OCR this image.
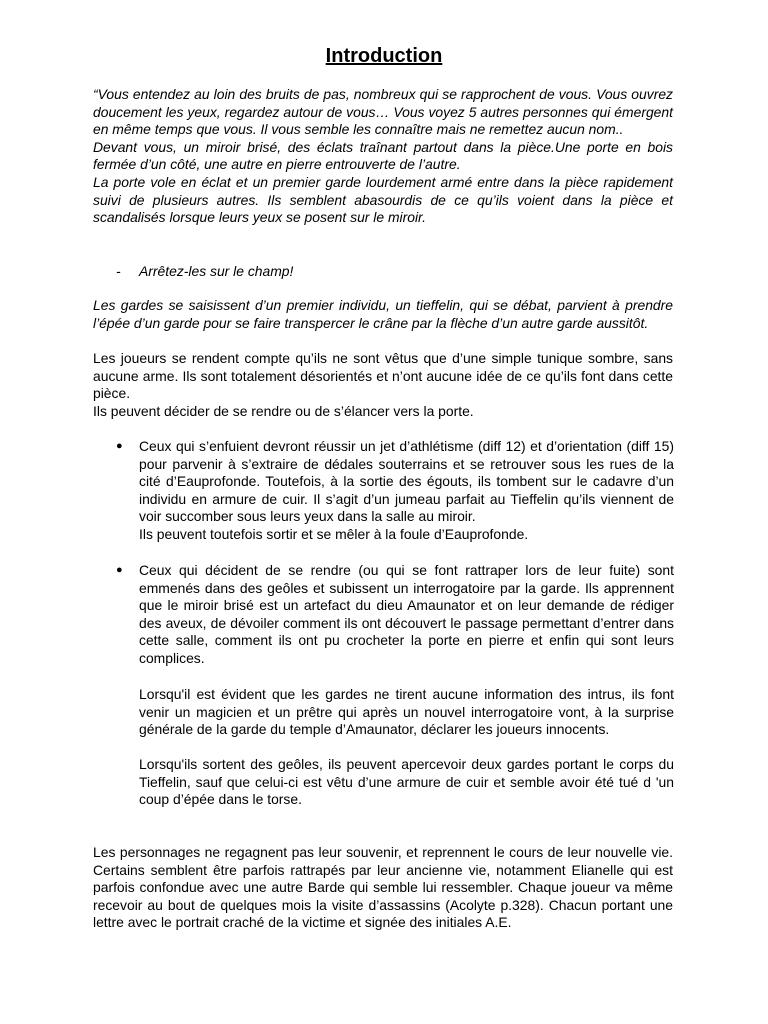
Introduction

“Vous entendez au loin des bruits de pas, nombreux qui se rapprochent de vous. Vous ouvrez doucement les yeux, regardez autour de vous… Vous voyez 5 autres personnes qui émergent en même temps que vous. Il vous semble les connaître mais ne remettez aucun nom..
Devant vous, un miroir brisé, des éclats traînant partout dans la pièce.Une porte en bois fermée d’un côté, une autre en pierre entrouverte de l’autre.
La porte vole en éclat et un premier garde lourdement armé entre dans la pièce rapidement suivi de plusieurs autres. Ils semblent abasourdis de ce qu’ils voient dans la pièce et scandalisés lorsque leurs yeux se posent sur le miroir.

- Arrêtez-les sur le champ!

Les gardes se saisissent d’un premier individu, un tieffelin, qui se débat, parvient à prendre l’épée d’un garde pour se faire transpercer le crâne par la flèche d’un autre garde aussitôt.

Les joueurs se rendent compte qu’ils ne sont vêtus que d’une simple tunique sombre, sans aucune arme. Ils sont totalement désorientés et n’ont aucune idée de ce qu’ils font dans cette pièce.
Ils peuvent décider de se rendre ou de s’élancer vers la porte.

● Ceux qui s’enfuient devront réussir un jet d’athlétisme (diff 12) et d’orientation (diff 15) pour parvenir à s’extraire de dédales souterrains et se retrouver sous les rues de la cité d’Eauprofonde. Toutefois, à la sortie des égouts, ils tombent sur le cadavre d’un individu en armure de cuir. Il s’agit d’un jumeau parfait au Tieffelin qu’ils viennent de voir succomber sous leurs yeux dans la salle au miroir.
Ils peuvent toutefois sortir et se mêler à la foule d’Eauprofonde.
● Ceux qui décident de se rendre (ou qui se font rattraper lors de leur fuite) sont emmenés dans des geôles et subissent un interrogatoire par la garde. Ils apprennent que le miroir brisé est un artefact du dieu Amaunator et on leur demande de rédiger des aveux, de dévoiler comment ils ont découvert le passage permettant d’entrer dans cette salle, comment ils ont pu crocheter la porte en pierre et enfin qui sont leurs complices.

Lorsqu'il est évident que les gardes ne tirent aucune information des intrus, ils font venir un magicien et un prêtre qui après un nouvel interrogatoire vont, à la surprise générale de la garde du temple d’Amaunator, déclarer les joueurs innocents.

Lorsqu'ils sortent des geôles, ils peuvent apercevoir deux gardes portant le corps du Tieffelin, sauf que celui-ci est vêtu d’une armure de cuir et semble avoir été tué d 'un coup d’épée dans le torse.

Les personnages ne regagnent pas leur souvenir, et reprennent le cours de leur nouvelle vie. Certains semblent être parfois rattrapés par leur ancienne vie, notamment Elianelle qui est parfois confondue avec une autre Barde qui semble lui ressembler. Chaque joueur va même recevoir au bout de quelques mois la visite d’assassins (Acolyte p.328). Chacun portant une lettre avec le portrait craché de la victime et signée des initiales A.E.
